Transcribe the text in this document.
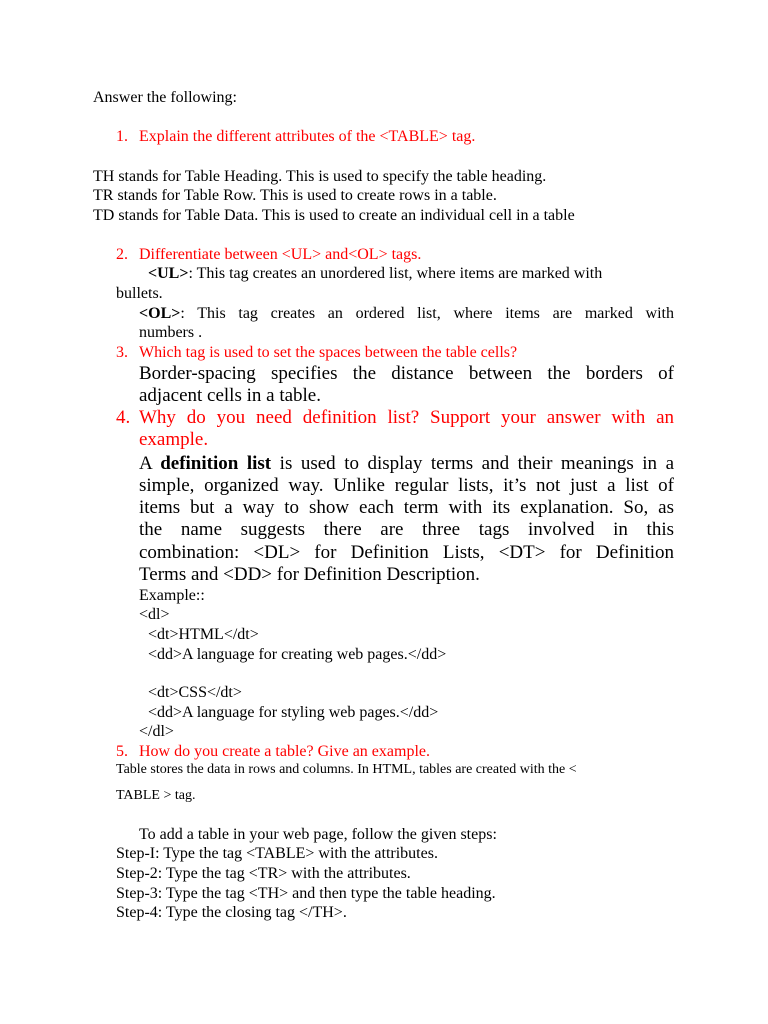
Answer the following:
1. Explain the different attributes of the <TABLE> tag.
TH stands for Table Heading. This is used to specify the table heading.
TR stands for Table Row. This is used to create rows in a table.
TD stands for Table Data. This is used to create an individual cell in a table
2. Differentiate between <UL> and<OL> tags.
<UL>: This tag creates an unordered list, where items are marked with
bullets.
<OL>: This tag creates an ordered list, where items are marked with
numbers .
3. Which tag is used to set the spaces between the table cells?
Border-spacing specifies the distance between the borders of
adjacent cells in a table.
4. Why do you need definition list? Support your answer with an
example.
A definition list is used to display terms and their meanings in a
simple, organized way. Unlike regular lists, it’s not just a list of
items but a way to show each term with its explanation. So, as
the name suggests there are three tags involved in this
combination: <DL> for Definition Lists, <DT> for Definition
Terms and <DD> for Definition Description.
Example::
<dl>
<dt>HTML</dt>
<dd>A language for creating web pages.</dd>
<dt>CSS</dt>
<dd>A language for styling web pages.</dd>
</dl>
5. How do you create a table? Give an example.
Table stores the data in rows and columns. In HTML, tables are created with the <
TABLE > tag.
To add a table in your web page, follow the given steps:
Step-I: Type the tag <TABLE> with the attributes.
Step-2: Type the tag <TR> with the attributes.
Step-3: Type the tag <TH> and then type the table heading.
Step-4: Type the closing tag </TH>.
